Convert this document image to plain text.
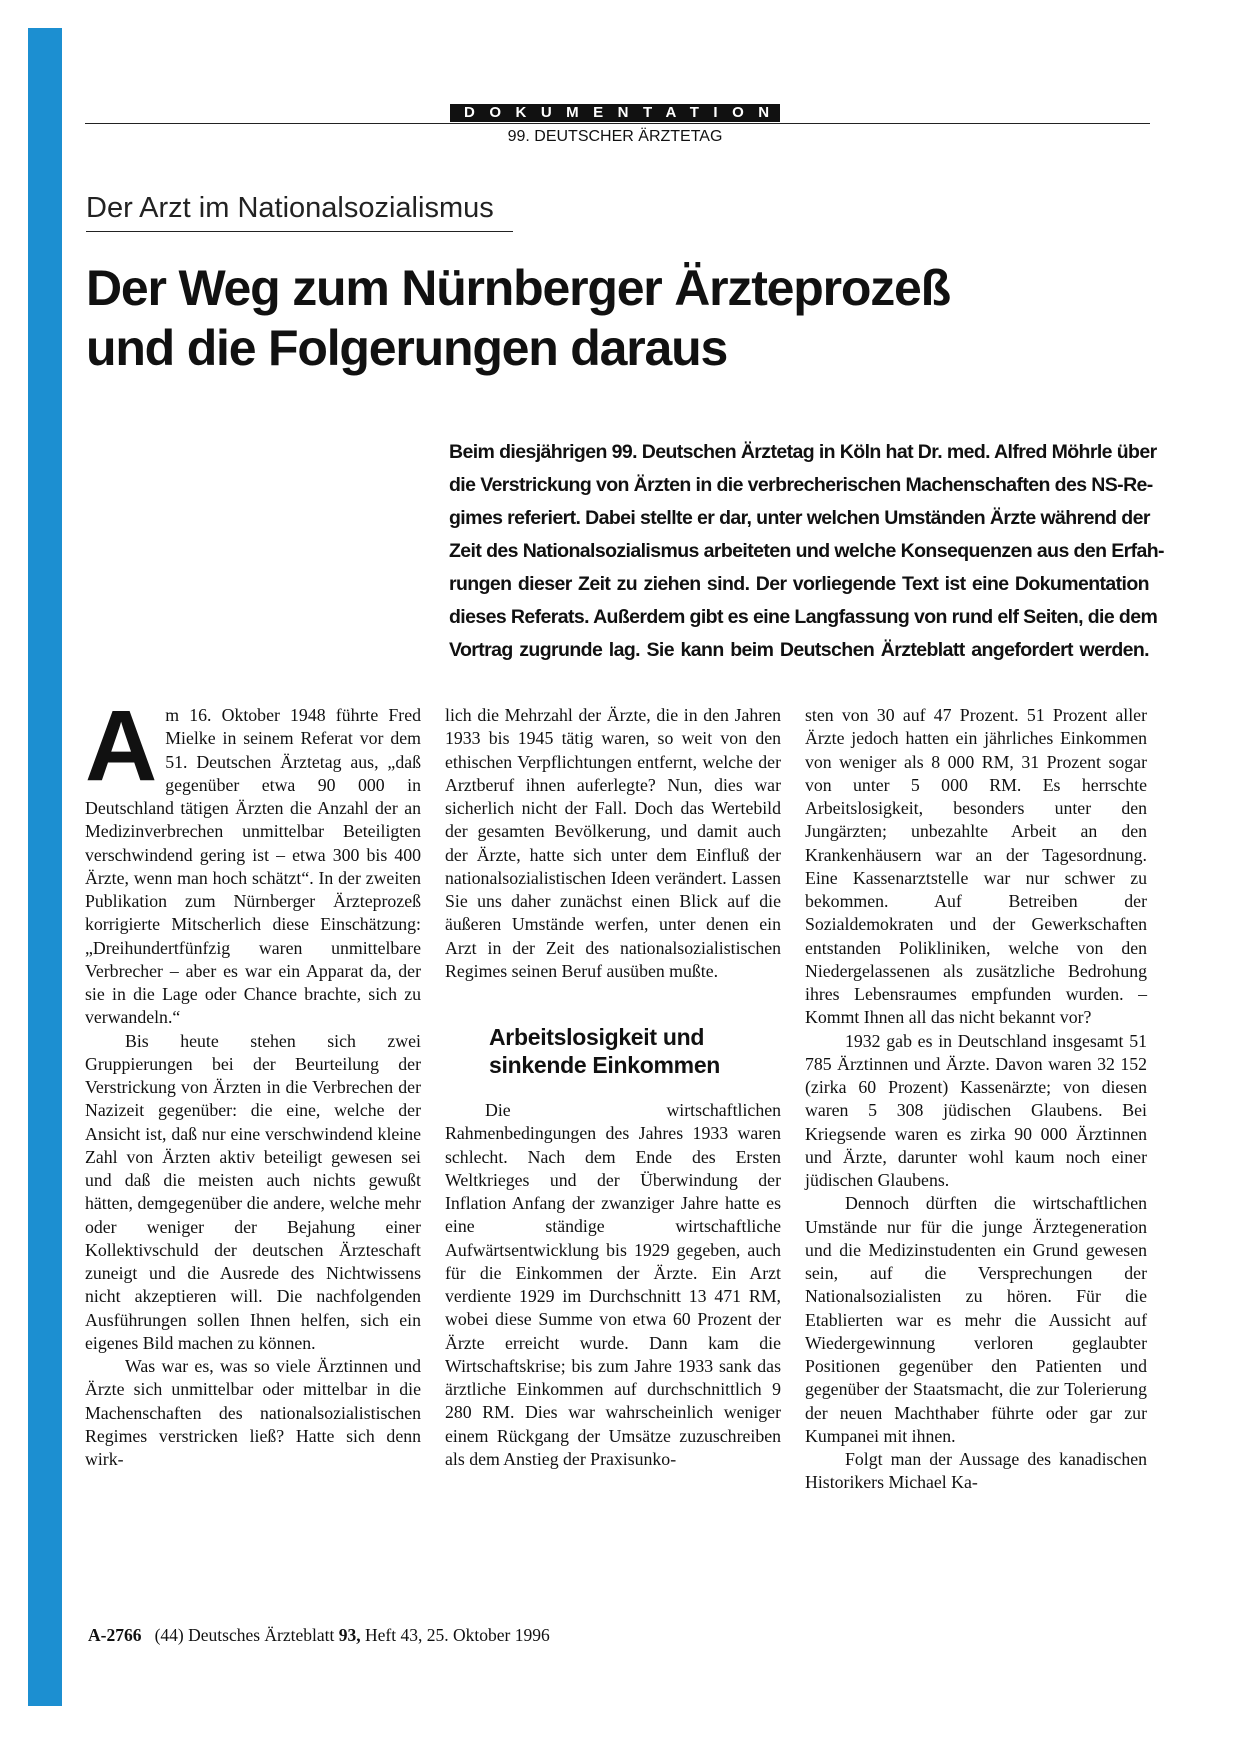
DOKUMENTATION
99. DEUTSCHER ÄRZTETAG
Der Arzt im Nationalsozialismus
Der Weg zum Nürnberger Ärzteprozeß
und die Folgerungen daraus
Beim diesjährigen 99. Deutschen Ärztetag in Köln hat Dr. med. Alfred Möhrle über
die Verstrickung von Ärzten in die verbrecherischen Machenschaften des NS-Re-
gimes referiert. Dabei stellte er dar, unter welchen Umständen Ärzte während der
Zeit des Nationalsozialismus arbeiteten und welche Konsequenzen aus den Erfah-
rungen dieser Zeit zu ziehen sind. Der vorliegende Text ist eine Dokumentation
dieses Referats. Außerdem gibt es eine Langfassung von rund elf Seiten, die dem
Vortrag zugrunde lag. Sie kann beim Deutschen Ärzteblatt angefordert werden.

Am 16. Oktober 1948 führte Fred Mielke in seinem Referat vor dem 51. Deutschen Ärztetag aus, „daß gegenüber etwa 90 000 in Deutschland tätigen Ärzten die Anzahl der an Medizinverbrechen unmittelbar Beteiligten verschwindend gering ist – etwa 300 bis 400 Ärzte, wenn man hoch schätzt“. In der zweiten Publikation zum Nürnberger Ärzteprozeß korrigierte Mitscherlich diese Einschätzung: „Dreihundertfünfzig waren unmittelbare Verbrecher – aber es war ein Apparat da, der sie in die Lage oder Chance brachte, sich zu verwandeln.“

Bis heute stehen sich zwei Gruppierungen bei der Beurteilung der Verstrickung von Ärzten in die Verbrechen der Nazizeit gegenüber: die eine, welche der Ansicht ist, daß nur eine verschwindend kleine Zahl von Ärzten aktiv beteiligt gewesen sei und daß die meisten auch nichts gewußt hätten, demgegenüber die andere, welche mehr oder weniger der Bejahung einer Kollektivschuld der deutschen Ärzteschaft zuneigt und die Ausrede des Nichtwissens nicht akzeptieren will. Die nachfolgenden Ausführungen sollen Ihnen helfen, sich ein eigenes Bild machen zu können.

Was war es, was so viele Ärztinnen und Ärzte sich unmittelbar oder mittelbar in die Machenschaften des nationalsozialistischen Regimes verstricken ließ? Hatte sich denn wirk-

lich die Mehrzahl der Ärzte, die in den Jahren 1933 bis 1945 tätig waren, so weit von den ethischen Verpflichtungen entfernt, welche der Arztberuf ihnen auferlegte? Nun, dies war sicherlich nicht der Fall. Doch das Wertebild der gesamten Bevölkerung, und damit auch der Ärzte, hatte sich unter dem Einfluß der nationalsozialistischen Ideen verändert. Lassen Sie uns daher zunächst einen Blick auf die äußeren Umstände werfen, unter denen ein Arzt in der Zeit des nationalsozialistischen Regimes seinen Beruf ausüben mußte.

Arbeitslosigkeit und
sinkende Einkommen

Die wirtschaftlichen Rahmenbedingungen des Jahres 1933 waren schlecht. Nach dem Ende des Ersten Weltkrieges und der Überwindung der Inflation Anfang der zwanziger Jahre hatte es eine ständige wirtschaftliche Aufwärtsentwicklung bis 1929 gegeben, auch für die Einkommen der Ärzte. Ein Arzt verdiente 1929 im Durchschnitt 13 471 RM, wobei diese Summe von etwa 60 Prozent der Ärzte erreicht wurde. Dann kam die Wirtschaftskrise; bis zum Jahre 1933 sank das ärztliche Einkommen auf durchschnittlich 9 280 RM. Dies war wahrscheinlich weniger einem Rückgang der Umsätze zuzuschreiben als dem Anstieg der Praxisunko-

sten von 30 auf 47 Prozent. 51 Prozent aller Ärzte jedoch hatten ein jährliches Einkommen von weniger als 8 000 RM, 31 Prozent sogar von unter 5 000 RM. Es herrschte Arbeitslosigkeit, besonders unter den Jungärzten; unbezahlte Arbeit an den Krankenhäusern war an der Tagesordnung. Eine Kassenarztstelle war nur schwer zu bekommen. Auf Betreiben der Sozialdemokraten und der Gewerkschaften entstanden Polikliniken, welche von den Niedergelassenen als zusätzliche Bedrohung ihres Lebensraumes empfunden wurden. – Kommt Ihnen all das nicht bekannt vor?

1932 gab es in Deutschland insgesamt 51 785 Ärztinnen und Ärzte. Davon waren 32 152 (zirka 60 Prozent) Kassenärzte; von diesen waren 5 308 jüdischen Glaubens. Bei Kriegsende waren es zirka 90 000 Ärztinnen und Ärzte, darunter wohl kaum noch einer jüdischen Glaubens.

Dennoch dürften die wirtschaftlichen Umstände nur für die junge Ärztegeneration und die Medizinstudenten ein Grund gewesen sein, auf die Versprechungen der Nationalsozialisten zu hören. Für die Etablierten war es mehr die Aussicht auf Wiedergewinnung verloren geglaubter Positionen gegenüber den Patienten und gegenüber der Staatsmacht, die zur Tolerierung der neuen Machthaber führte oder gar zur Kumpanei mit ihnen.

Folgt man der Aussage des kanadischen Historikers Michael Ka-

A-2766 (44) Deutsches Ärzteblatt 93, Heft 43, 25. Oktober 1996
